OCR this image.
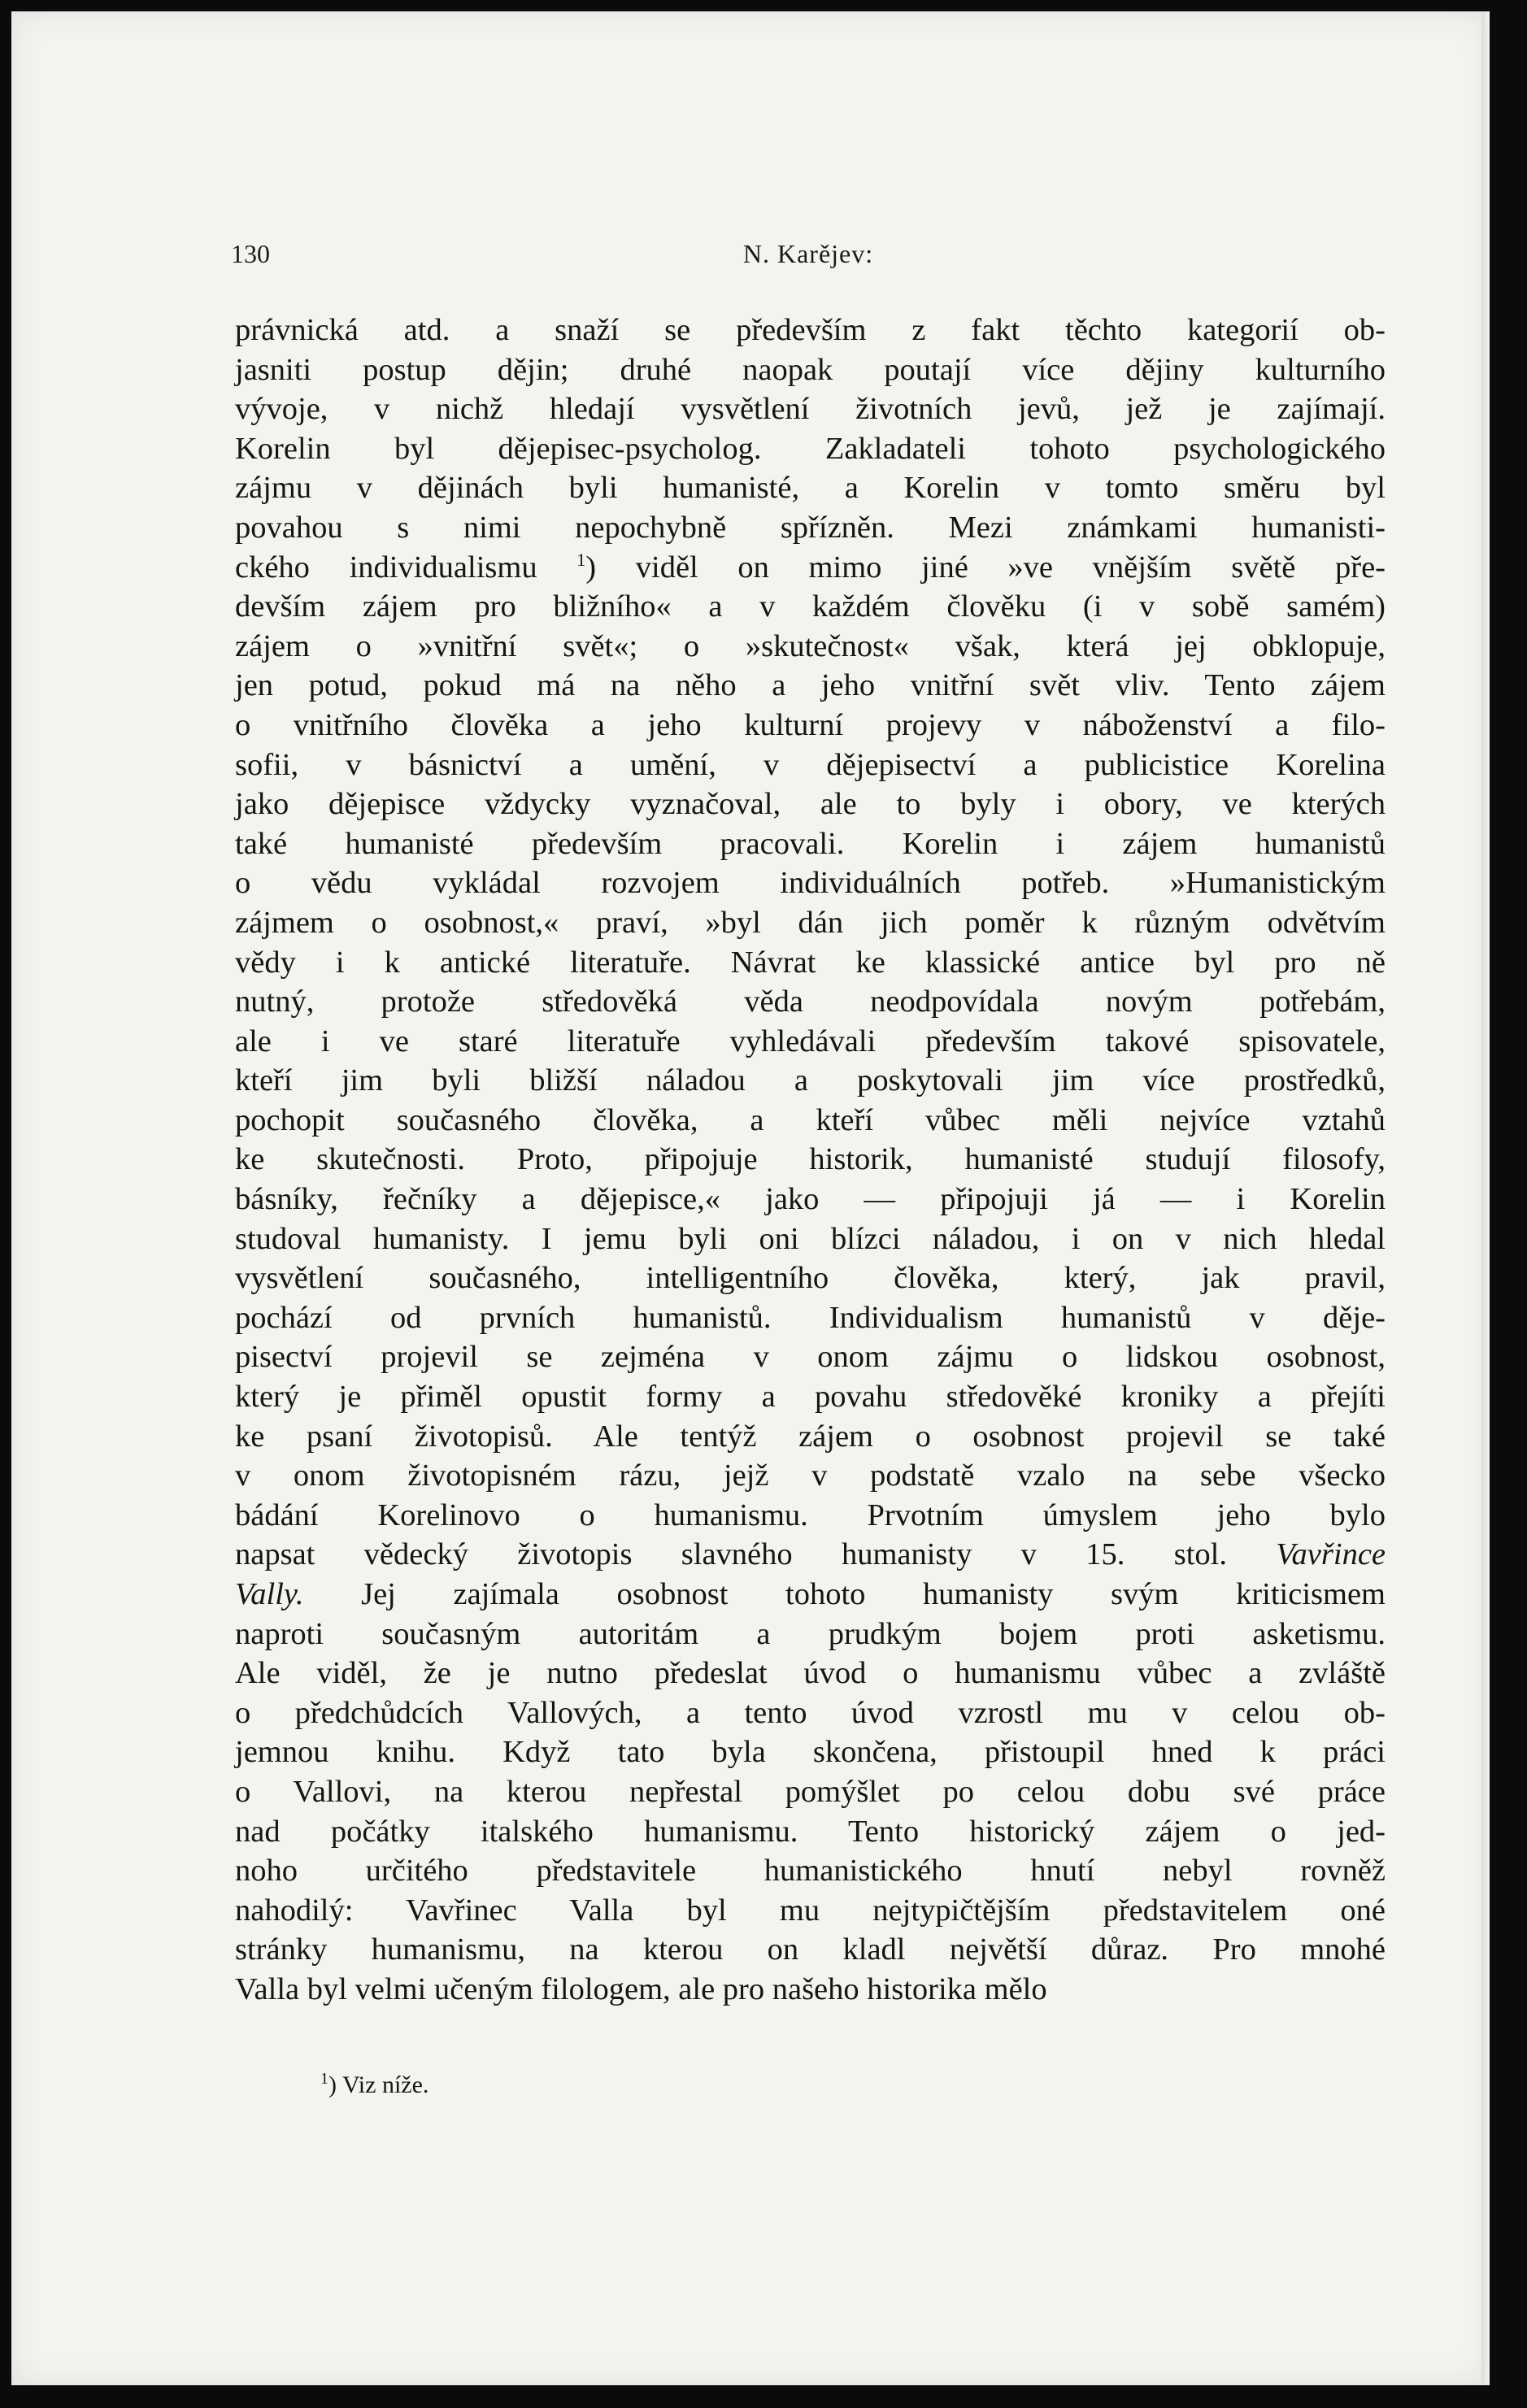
130	N. Karějev:
právnická atd. a snaží se především z fakt těchto kategorií ob-
jasniti postup dějin; druhé naopak poutají více dějiny kulturního
vývoje, v nichž hledají vysvětlení životních jevů, jež je zajímají.
Korelin byl dějepisec-psycholog. Zakladateli tohoto psychologického
zájmu v dějinách byli humanisté, a Korelin v tomto směru byl
povahou s nimi nepochybně spřízněn. Mezi známkami humanisti-
ckého individualismu $^1$) viděl on mimo jiné »ve vnějším světě pře-
devším zájem pro bližního« a v každém člověku (i v sobě samém)
zájem o »vnitřní svět«; o »skutečnost« však, která jej obklopuje,
jen potud, pokud má na něho a jeho vnitřní svět vliv. Tento zájem
o vnitřního člověka a jeho kulturní projevy v náboženství a filo-
sofii, v básnictví a umění, v dějepisectví a publicistice Korelina
jako dějepisce vždycky vyznačoval, ale to byly i obory, ve kterých
také humanisté především pracovali. Korelin i zájem humanistů
o vědu vykládal rozvojem individuálních potřeb. »Humanistickým
zájmem o osobnost,« praví, »byl dán jich poměr k různým odvětvím
vědy i k antické literatuře. Návrat ke klassické antice byl pro ně
nutný, protože středověká věda neodpovídala novým potřebám,
ale i ve staré literatuře vyhledávali především takové spisovatele,
kteří jim byli bližší náladou a poskytovali jim více prostředků,
pochopit současného člověka, a kteří vůbec měli nejvíce vztahů
ke skutečnosti. Proto, připojuje historik, humanisté studují filosofy,
básníky, řečníky a dějepisce,« jako — připojuji já — i Korelin
studoval humanisty. I jemu byli oni blízci náladou, i on v nich hledal
vysvětlení současného, intelligentního člověka, který, jak pravil,
pochází od prvních humanistů. Individualism humanistů v děje-
pisectví projevil se zejména v onom zájmu o lidskou osobnost,
který je přiměl opustit formy a povahu středověké kroniky a přejíti
ke psaní životopisů. Ale tentýž zájem o osobnost projevil se také
v onom životopisném rázu, jejž v podstatě vzalo na sebe všecko
bádání Korelinovo o humanismu. Prvotním úmyslem jeho bylo
napsat vědecký životopis slavného humanisty v 15. stol. Vavřince
Vally. Jej zajímala osobnost tohoto humanisty svým kriticismem
naproti současným autoritám a prudkým bojem proti asketismu.
Ale viděl, že je nutno předeslat úvod o humanismu vůbec a zvláště
o předchůdcích Vallových, a tento úvod vzrostl mu v celou ob-
jemnou knihu. Když tato byla skončena, přistoupil hned k práci
o Vallovi, na kterou nepřestal pomýšlet po celou dobu své práce
nad počátky italského humanismu. Tento historický zájem o jed-
noho určitého představitele humanistického hnutí nebyl rovněž
nahodilý: Vavřinec Valla byl mu nejtypičtějším představitelem oné
stránky humanismu, na kterou on kladl největší důraz. Pro mnohé
Valla byl velmi učeným filologem, ale pro našeho historika mělo
$^1$) Viz níže.
